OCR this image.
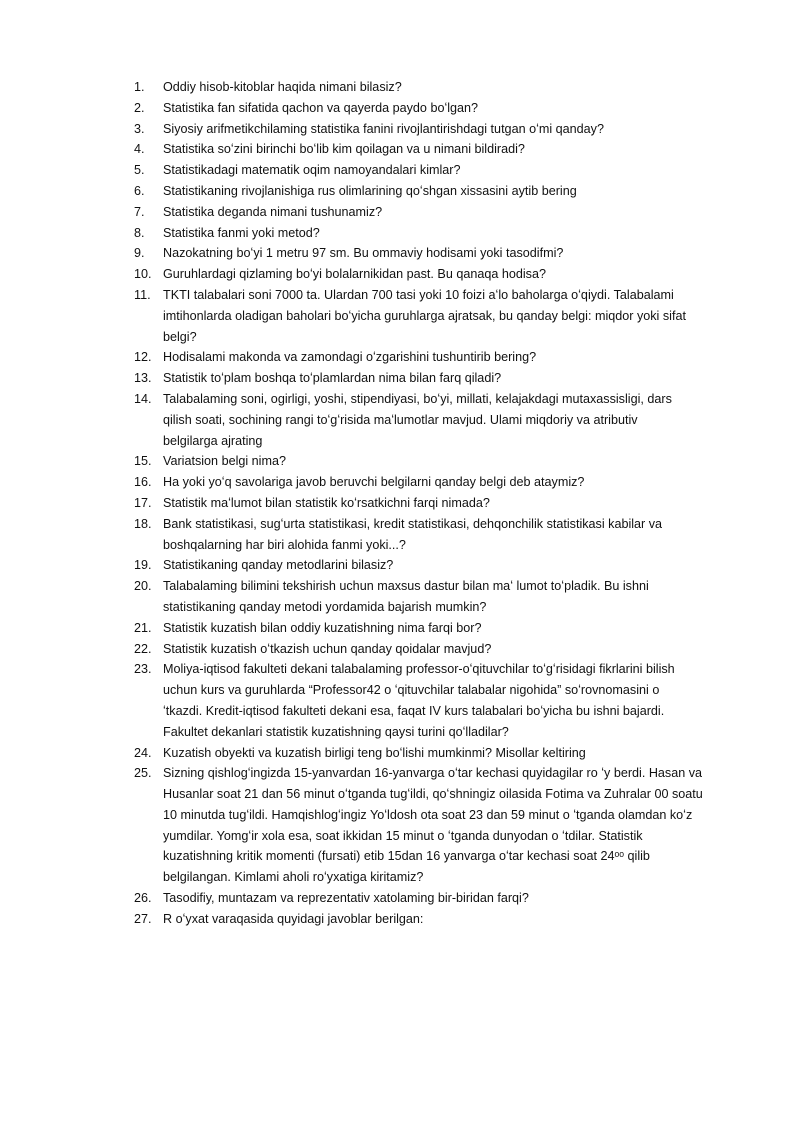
1.	Oddiy hisob-kitoblar haqida nimani bilasiz?
2.	Statistika fan sifatida qachon va qayerda paydo boʻlgan?
3.	Siyosiy arifmetikchilaming statistika fanini rivojlantirishdagi tutgan oʻmi qanday?
4.	Statistika soʻzini birinchi boʻlib kim qoilagan va u nimani bildiradi?
5.	Statistikadagi matematik oqim namoyandalari kimlar?
6.	Statistikaning rivojlanishiga rus olimlarining qoʻshgan xissasini aytib bering
7.	Statistika deganda nimani tushunamiz?
8.	Statistika fanmi yoki metod?
9.	Nazokatning boʻyi 1 metru 97 sm. Bu ommaviy hodisami yoki tasodifmi?
10. Guruhlardagi qizlaming boʻyi bolalarnikidan past. Bu qanaqa hodisa?
11. TKTI talabalari soni 7000 ta. Ulardan 700 tasi yoki 10 foizi aʻlo baholarga oʻqiydi. Talabalami
imtihonlarda oladigan baholari boʻyicha guruhlarga ajratsak, bu qanday belgi: miqdor yoki sifat
belgi?
12. Hodisalami makonda va zamondagi oʻzgarishini tushuntirib bering?
13. Statistik toʻplam boshqa toʻplamlardan nima bilan farq qiladi?
14. Talabalaming soni, ogirligi, yoshi, stipendiyasi, boʻyi, millati, kelajakdagi mutaxassisligi, dars
qilish soati, sochining rangi toʻgʻrisida maʻlumotlar mavjud. Ulami miqdoriy va atributiv
belgilarga ajrating
15. Variatsion belgi nima?
16. Ha yoki yoʻq savolariga javob beruvchi belgilarni qanday belgi deb ataymiz?
17. Statistik maʻlumot bilan statistik koʻrsatkichni farqi nimada?
18. Bank statistikasi, sugʻurta statistikasi, kredit statistikasi, dehqonchilik statistikasi kabilar va
boshqalarning har biri alohida fanmi yoki...?
19. Statistikaning qanday metodlarini bilasiz?
20. Talabalaming bilimini tekshirish uchun maxsus dastur bilan maʻ lumot toʻpladik. Bu ishni
statistikaning qanday metodi yordamida bajarish mumkin?
21. Statistik kuzatish bilan oddiy kuzatishning nima farqi bor?
22. Statistik kuzatish oʻtkazish uchun qanday qoidalar mavjud?
23. Moliya-iqtisod fakulteti dekani talabalaming professor-oʻqituvchilar toʻgʻrisidagi fikrlarini bilish
uchun kurs va guruhlarda “Professor42 o ʻqituvchilar talabalar nigohida” soʻrovnomasini o
ʻtkazdi. Kredit-iqtisod fakulteti dekani esa, faqat IV kurs talabalari boʻyicha bu ishni bajardi.
Fakultet dekanlari statistik kuzatishning qaysi turini qoʻlladilar?
24. Kuzatish obyekti va kuzatish birligi teng boʻlishi mumkinmi? Misollar keltiring
25. Sizning qishlogʻingizda 15-yanvardan 16-yanvarga oʻtar kechasi quyidagilar ro ʻy berdi. Hasan va
Husanlar soat 21 dan 56 minut oʻtganda tugʻildi, qoʻshningiz oilasida Fotima va Zuhralar 00 soatu
10 minutda tugʻildi. Hamqishlogʻingiz Yoʻldosh ota soat 23 dan 59 minut o ʻtganda olamdan koʻz
yumdilar. Yomgʻir xola esa, soat ikkidan 15 minut o ʻtganda dunyodan o ʻtdilar. Statistik
kuzatishning kritik momenti (fursati) etib 15dan 16 yanvarga oʻtar kechasi soat 24ᵒᵒ qilib
belgilangan. Kimlami aholi roʻyxatiga kiritamiz?
26. Tasodifiy, muntazam va reprezentativ xatolaming bir-biridan farqi?
27. R oʻyxat varaqasida quyidagi javoblar berilgan:
